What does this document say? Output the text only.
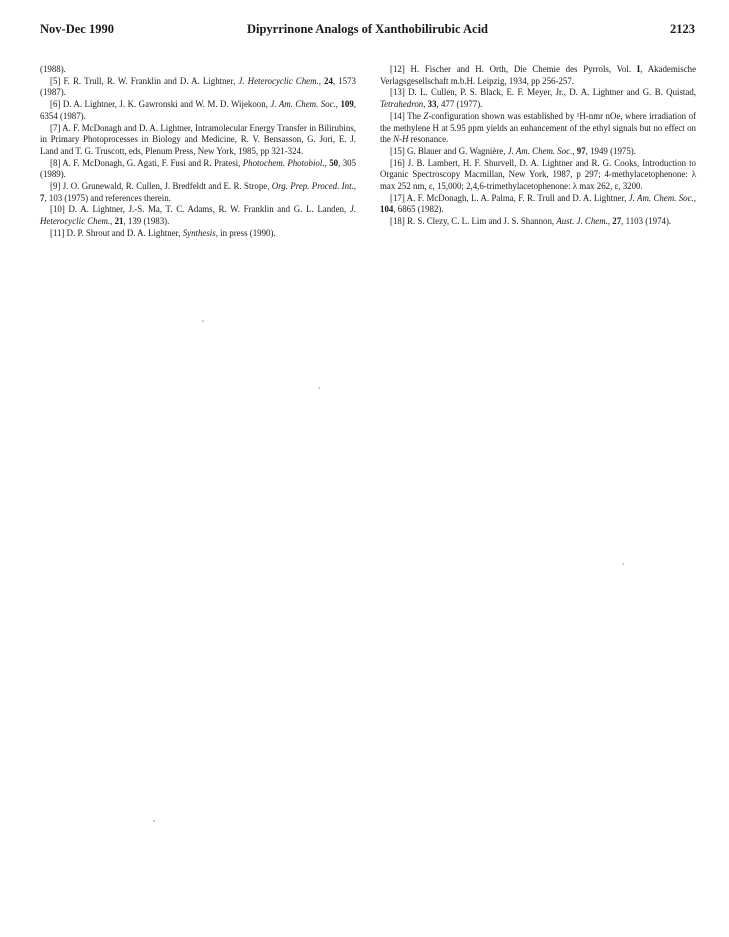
Nov-Dec 1990	Dipyrrinone Analogs of Xanthobilirubic Acid	2123

(1988).

[5] F. R. Trull, R. W. Franklin and D. A. Lightner, J. Heterocyclic Chem., 24, 1573 (1987).

[6] D. A. Lightner, J. K. Gawronski and W. M. D. Wijekoon, J. Am. Chem. Soc., 109, 6354 (1987).

[7] A. F. McDonagh and D. A. Lightner, Intramolecular Energy Transfer in Bilirubins, in Primary Photoprocesses in Biology and Medicine, R. V. Bensasson, G. Jori, E. J. Land and T. G. Truscott, eds, Plenum Press, New York, 1985, pp 321-324.

[8] A. F. McDonagh, G. Agati, F. Fusi and R. Pratesi, Photochem. Photobiol., 50, 305 (1989).

[9] J. O. Grunewald, R. Cullen, J. Bredfeldt and E. R. Strope, Org. Prep. Proced. Int., 7, 103 (1975) and references therein.

[10] D. A. Lightner, J.-S. Ma, T. C. Adams, R. W. Franklin and G. L. Landen, J. Heterocyclic Chem., 21, 139 (1983).

[11] D. P. Shrout and D. A. Lightner, Synthesis, in press (1990).

[12] H. Fischer and H. Orth, Die Chemie des Pyrrols, Vol. I, Akademische Verlagsgesellschaft m.b.H. Leipzig, 1934, pp 256-257.

[13] D. L. Cullen, P. S. Black, E. F. Meyer, Jr., D. A. Lightner and G. B. Quistad, Tetrahedron, 33, 477 (1977).

[14] The Z-configuration shown was established by ¹H-nmr nOe, where irradiation of the methylene H at 5.95 ppm yields an enhancement of the ethyl signals but no effect on the N-H resonance.

[15] G. Blauer and G. Wagnière, J. Am. Chem. Soc., 97, 1949 (1975).

[16] J. B. Lambert, H. F. Shurvell, D. A. Lightner and R. G. Cooks, Introduction to Organic Spectroscopy Macmillan, New York, 1987, p 297; 4-methylacetophenone: λ max 252 nm, ε, 15,000; 2,4,6-trimethylacetophenone: λ max 262, ε, 3200.

[17] A. F. McDonagh, L. A. Palma, F. R. Trull and D. A. Lightner, J. Am. Chem. Soc., 104, 6865 (1982).

[18] R. S. Clezy, C. L. Lim and J. S. Shannon, Aust. J. Chem., 27, 1103 (1974).
